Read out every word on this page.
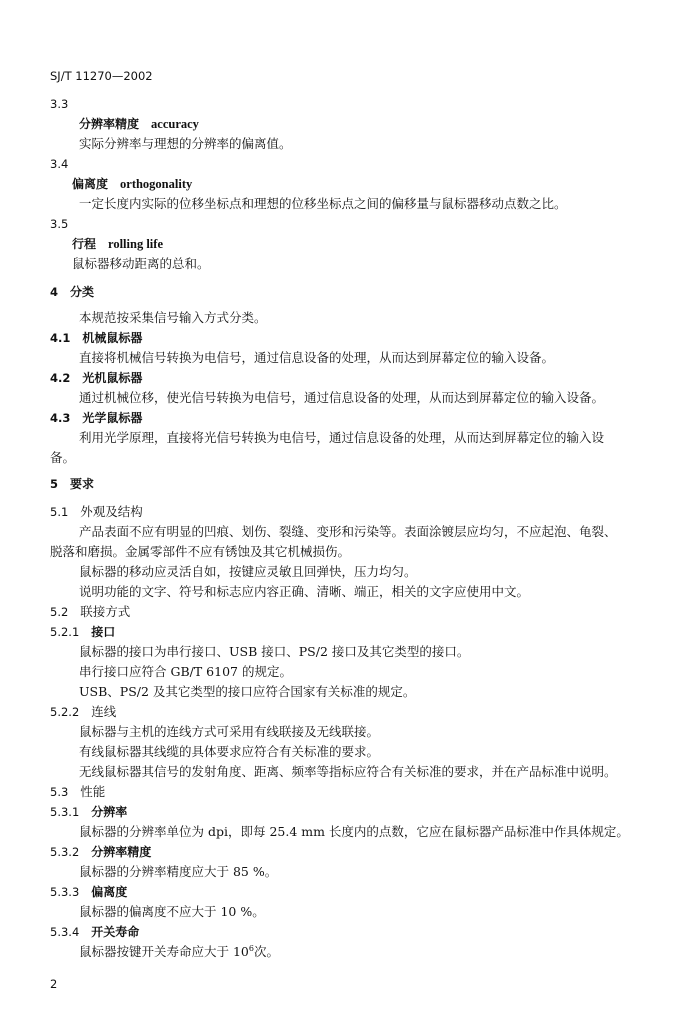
SJ/T 11270—2002
3.3
分辨率精度 accuracy
实际分辨率与理想的分辨率的偏离值。
3.4
偏离度 orthogonality
一定长度内实际的位移坐标点和理想的位移坐标点之间的偏移量与鼠标器移动点数之比。
3.5
行程 rolling life
鼠标器移动距离的总和。
4 分类
本规范按采集信号输入方式分类。
4.1 机械鼠标器
直接将机械信号转换为电信号，通过信息设备的处理，从而达到屏幕定位的输入设备。
4.2 光机鼠标器
通过机械位移，使光信号转换为电信号，通过信息设备的处理，从而达到屏幕定位的输入设备。
4.3 光学鼠标器
利用光学原理，直接将光信号转换为电信号，通过信息设备的处理，从而达到屏幕定位的输入设
备。
5 要求
5.1 外观及结构
产品表面不应有明显的凹痕、划伤、裂缝、变形和污染等。表面涂镀层应均匀，不应起泡、龟裂、
脱落和磨损。金属零部件不应有锈蚀及其它机械损伤。
鼠标器的移动应灵活自如，按键应灵敏且回弹快，压力均匀。
说明功能的文字、符号和标志应内容正确、清晰、端正，相关的文字应使用中文。
5.2 联接方式
5.2.1 接口
鼠标器的接口为串行接口、USB 接口、PS/2 接口及其它类型的接口。
串行接口应符合 GB/T 6107 的规定。
USB、PS/2 及其它类型的接口应符合国家有关标准的规定。
5.2.2 连线
鼠标器与主机的连线方式可采用有线联接及无线联接。
有线鼠标器其线缆的具体要求应符合有关标准的要求。
无线鼠标器其信号的发射角度、距离、频率等指标应符合有关标准的要求，并在产品标准中说明。
5.3 性能
5.3.1 分辨率
鼠标器的分辨率单位为 dpi，即每 25.4 mm 长度内的点数，它应在鼠标器产品标准中作具体规定。
5.3.2 分辨率精度
鼠标器的分辨率精度应大于 85 %。
5.3.3 偏离度
鼠标器的偏离度不应大于 10 %。
5.3.4 开关寿命
鼠标器按键开关寿命应大于 $10^6$次。
2
